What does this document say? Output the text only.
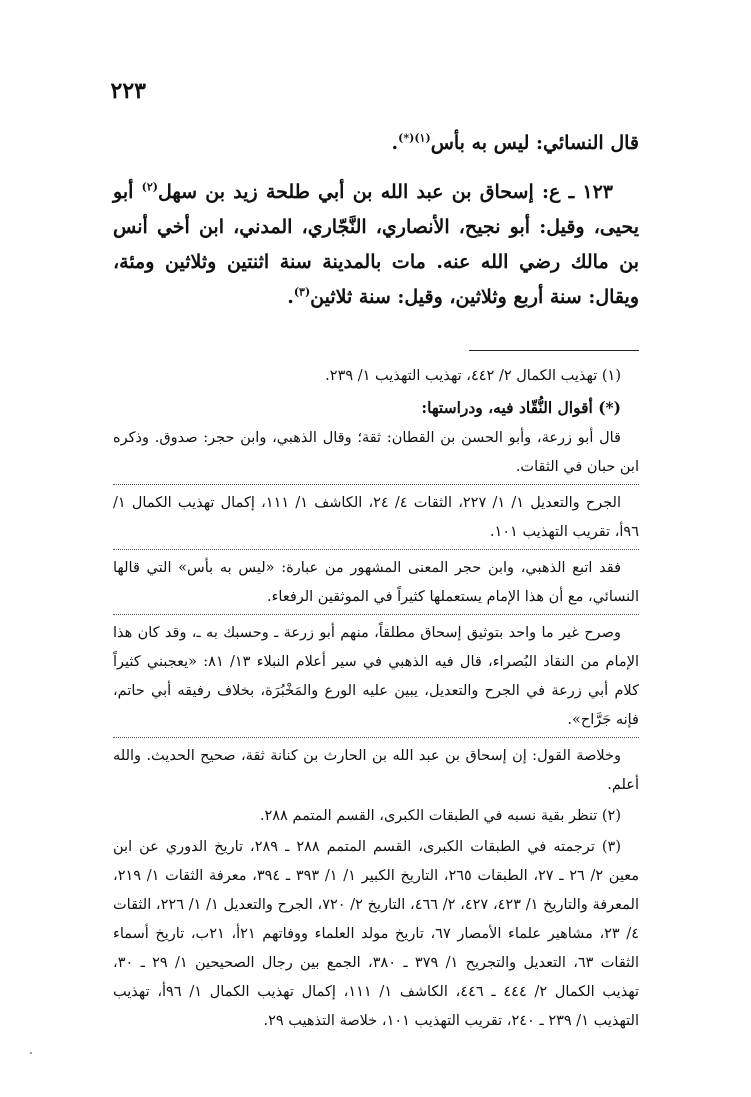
٢٢٣

قال النسائي: ليس به بأس$^{(١)(*)}$.

١٢٣ ـ ع: إسحاق بن عبد الله بن أبي طلحة زيد بن سهل$^{(٢)}$ أبو يحيى، وقيل: أبو نجيح، الأنصاري، النَّجّاري، المدني، ابن أخي أنس بن مالك رضي الله عنه. مات بالمدينة سنة اثنتين وثلاثين ومئة، ويقال: سنة أربع وثلاثين، وقيل: سنة ثلاثين$^{(٣)}$.

(١) تهذيب الكمال ٢/ ٤٤٢، تهذيب التهذيب ١/ ٢٣٩.

(*) أقوال النُّقّاد فيه، ودراستها:

قال أبو زرعة، وأبو الحسن بن القطان: ثقة؛ وقال الذهبي، وابن حجر: صدوق. وذكره ابن حبان في الثقات.

الجرح والتعديل ١/ ١/ ٢٢٧، الثقات ٤/ ٢٤، الكاشف ١/ ١١١، إكمال تهذيب الكمال ١/ ٩٦أ، تقريب التهذيب ١٠١.

فقد اتبع الذهبي، وابن حجر المعنى المشهور من عبارة: «ليس به بأس» التي قالها النسائي، مع أن هذا الإمام يستعملها كثيراً في الموثقين الرفعاء.

وصرح غير ما واحد بتوثيق إسحاق مطلقاً، منهم أبو زرعة ـ وحسبك به ـ، وقد كان هذا الإمام من النقاد البُصراء، قال فيه الذهبي في سير أعلام النبلاء ١٣/ ٨١: «يعجبني كثيراً كلام أبي زرعة في الجرح والتعديل، يبين عليه الورع والمَخْبُرَة، بخلاف رفيقه أبي حاتم، فإنه جَرَّاح».

وخلاصة القول: إن إسحاق بن عبد الله بن الحارث بن كنانة ثقة، صحيح الحديث. والله أعلم.

(٢) تنظر بقية نسبه في الطبقات الكبرى، القسم المتمم ٢٨٨.

(٣) ترجمته في الطبقات الكبرى، القسم المتمم ٢٨٨ ـ ٢٨٩، تاريخ الدوري عن ابن معين ٢/ ٢٦ ـ ٢٧، الطبقات ٢٦٥، التاريخ الكبير ١/ ١/ ٣٩٣ ـ ٣٩٤، معرفة الثقات ١/ ٢١٩، المعرفة والتاريخ ١/ ٤٢٣، ٤٢٧، ٢/ ٤٦٦، التاريخ ٢/ ٧٢٠، الجرح والتعديل ١/ ١/ ٢٢٦، الثقات ٤/ ٢٣، مشاهير علماء الأمصار ٦٧، تاريخ مولد العلماء ووفاتهم ٢١أ، ٢١ب، تاريخ أسماء الثقات ٦٣، التعديل والتجريح ١/ ٣٧٩ ـ ٣٨٠، الجمع بين رجال الصحيحين ١/ ٢٩ ـ ٣٠، تهذيب الكمال ٢/ ٤٤٤ ـ ٤٤٦، الكاشف ١/ ١١١، إكمال تهذيب الكمال ١/ ٩٦أ، تهذيب التهذيب ١/ ٢٣٩ ـ ٢٤٠، تقريب التهذيب ١٠١، خلاصة التذهيب ٢٩.
